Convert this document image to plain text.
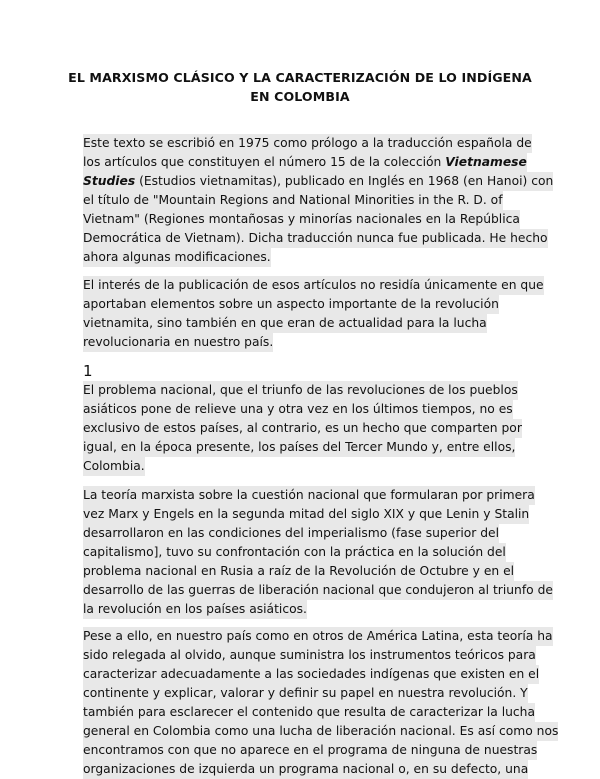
EL MARXISMO CLÁSICO Y LA CARACTERIZACIÓN DE LO INDÍGENA
EN COLOMBIA
Este texto se escribió en 1975 como prólogo a la traducción española de
los artículos que constituyen el número 15 de la colección Vietnamese
Studies (Estudios vietnamitas), publicado en Inglés en 1968 (en Hanoi) con
el título de "Mountain Regions and National Minorities in the R. D. of
Vietnam" (Regiones montañosas y minorías nacionales en la República
Democrática de Vietnam). Dicha traducción nunca fue publicada. He hecho
ahora algunas modificaciones.
El interés de la publicación de esos artículos no residía únicamente en que
aportaban elementos sobre un aspecto importante de la revolución
vietnamita, sino también en que eran de actualidad para la lucha
revolucionaria en nuestro país.
El problema nacional, que el triunfo de las revoluciones de los pueblos
asiáticos pone de relieve una y otra vez en los últimos tiempos, no es
exclusivo de estos países, al contrario, es un hecho que comparten por
igual, en la época presente, los países del Tercer Mundo y, entre ellos,
Colombia.
La teoría marxista sobre la cuestión nacional que formularan por primera
vez Marx y Engels en la segunda mitad del siglo XIX y que Lenin y Stalin
desarrollaron en las condiciones del imperialismo (fase superior del
capitalismo], tuvo su confrontación con la práctica en la solución del
problema nacional en Rusia a raíz de la Revolución de Octubre y en el
desarrollo de las guerras de liberación nacional que condujeron al triunfo de
la revolución en los países asiáticos.
Pese a ello, en nuestro país como en otros de América Latina, esta teoría ha
sido relegada al olvido, aunque suministra los instrumentos teóricos para
caracterizar adecuadamente a las sociedades indígenas que existen en el
continente y explicar, valorar y definir su papel en nuestra revolución. Y
también para esclarecer el contenido que resulta de caracterizar la lucha
general en Colombia como una lucha de liberación nacional. Es así como nos
encontramos con que no aparece en el programa de ninguna de nuestras
organizaciones de izquierda un programa nacional o, en su defecto, una
1
